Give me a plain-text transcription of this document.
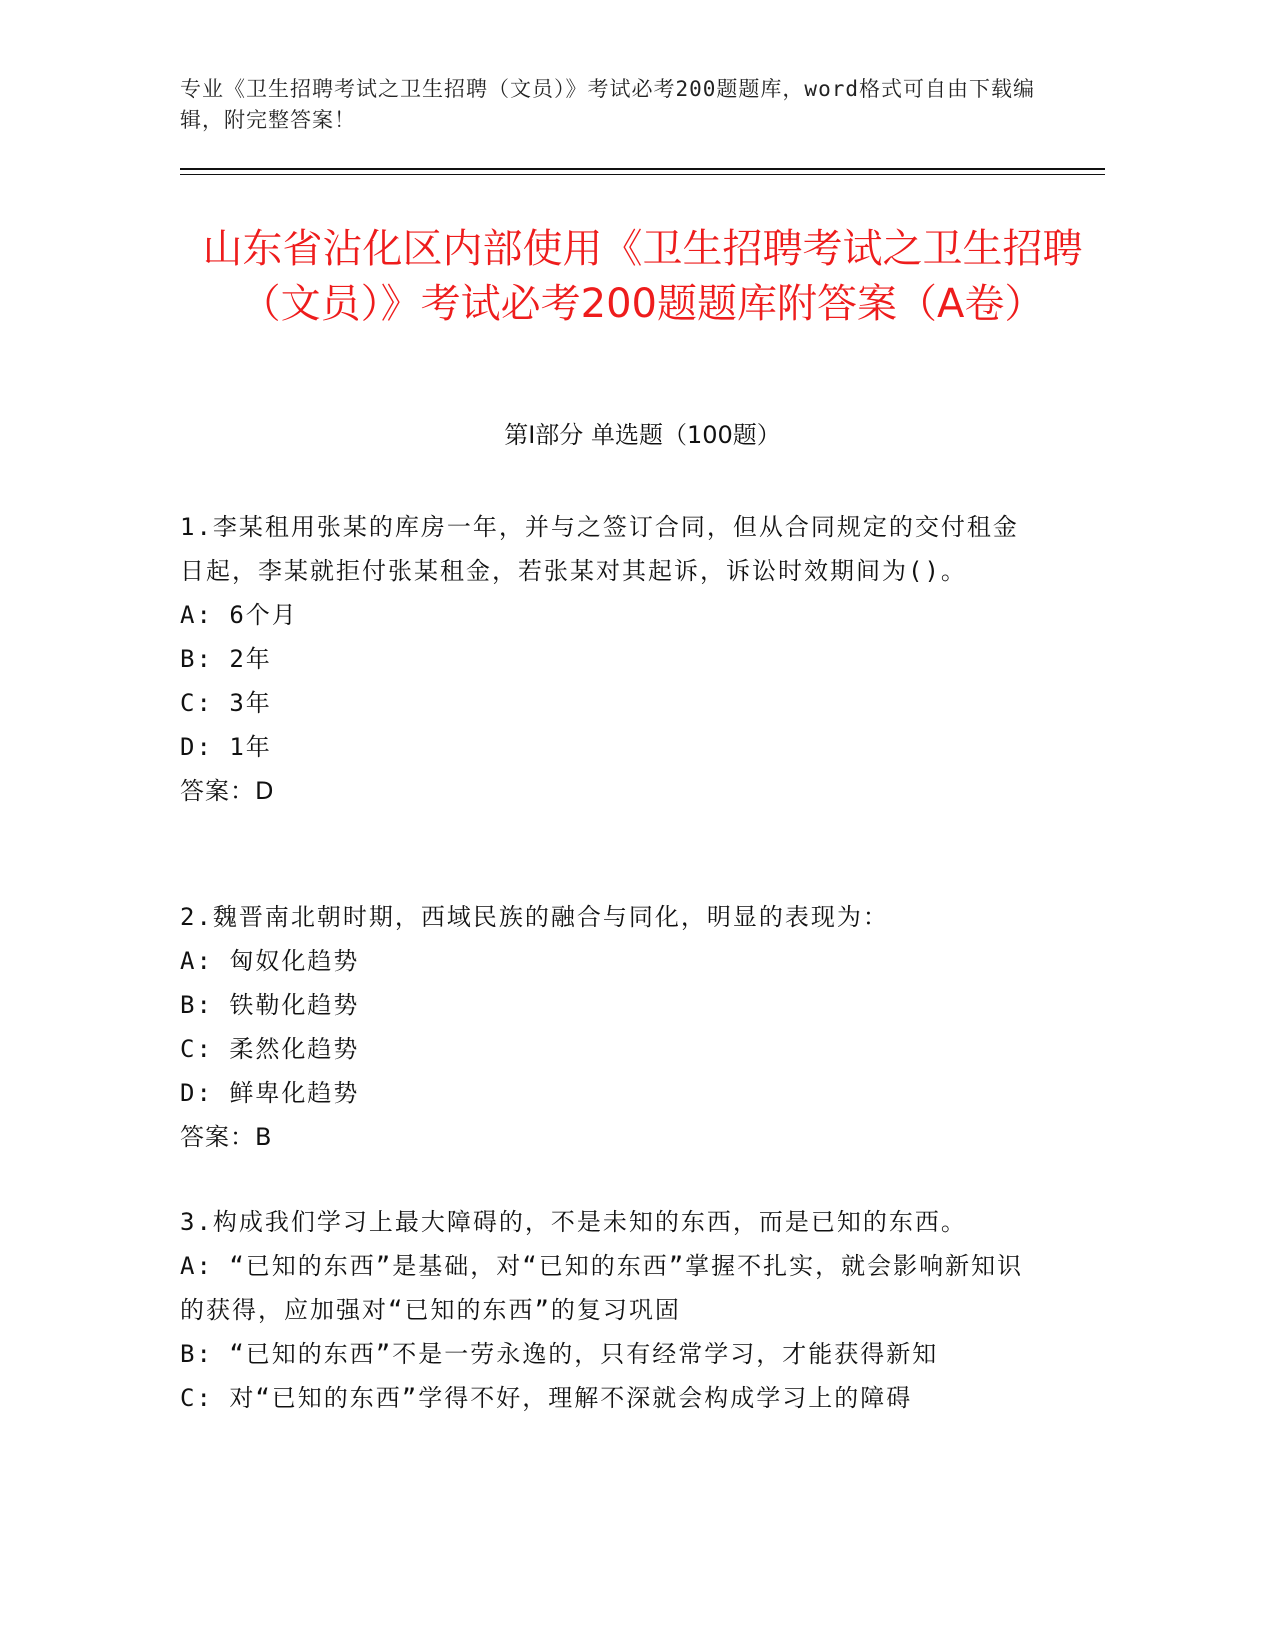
专业《卫生招聘考试之卫生招聘（文员）》考试必考200题题库，word格式可自由下载编辑，附完整答案！
山东省沾化区内部使用《卫生招聘考试之卫生招聘（文员）》考试必考200题题库附答案（A卷）
第I部分 单选题（100题）

1.李某租用张某的库房一年，并与之签订合同，但从合同规定的交付租金日起，李某就拒付张某租金，若张某对其起诉，诉讼时效期间为()。

A: 6个月

B: 2年

C: 3年

D: 1年

答案：D

2.魏晋南北朝时期，西域民族的融合与同化，明显的表现为：

A: 匈奴化趋势

B: 铁勒化趋势

C: 柔然化趋势

D: 鲜卑化趋势

答案：B

3.构成我们学习上最大障碍的，不是未知的东西，而是已知的东西。

A: “已知的东西”是基础，对“已知的东西”掌握不扎实，就会影响新知识的获得，应加强对“已知的东西”的复习巩固

B: “已知的东西”不是一劳永逸的，只有经常学习，才能获得新知

C: 对“已知的东西”学得不好，理解不深就会构成学习上的障碍
